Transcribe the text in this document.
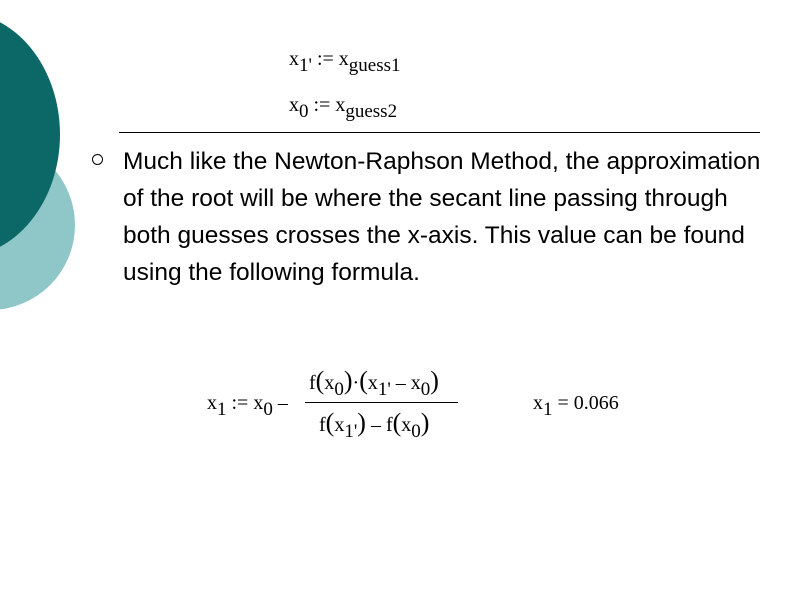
$x_{1'}$ := $x_{guess1}$
$x_0$ := $x_{guess2}$

Much like the Newton-Raphson Method, the approximation of the root will be where the secant line passing through both guesses crosses the x-axis. This value can be found using the following formula.

$x_1$ := $x_0$ –
$f(x_0)\cdot(x_{1'} - x_0)$
$f(x_{1'}) - f(x_0)$
$x_1 = 0.066$
